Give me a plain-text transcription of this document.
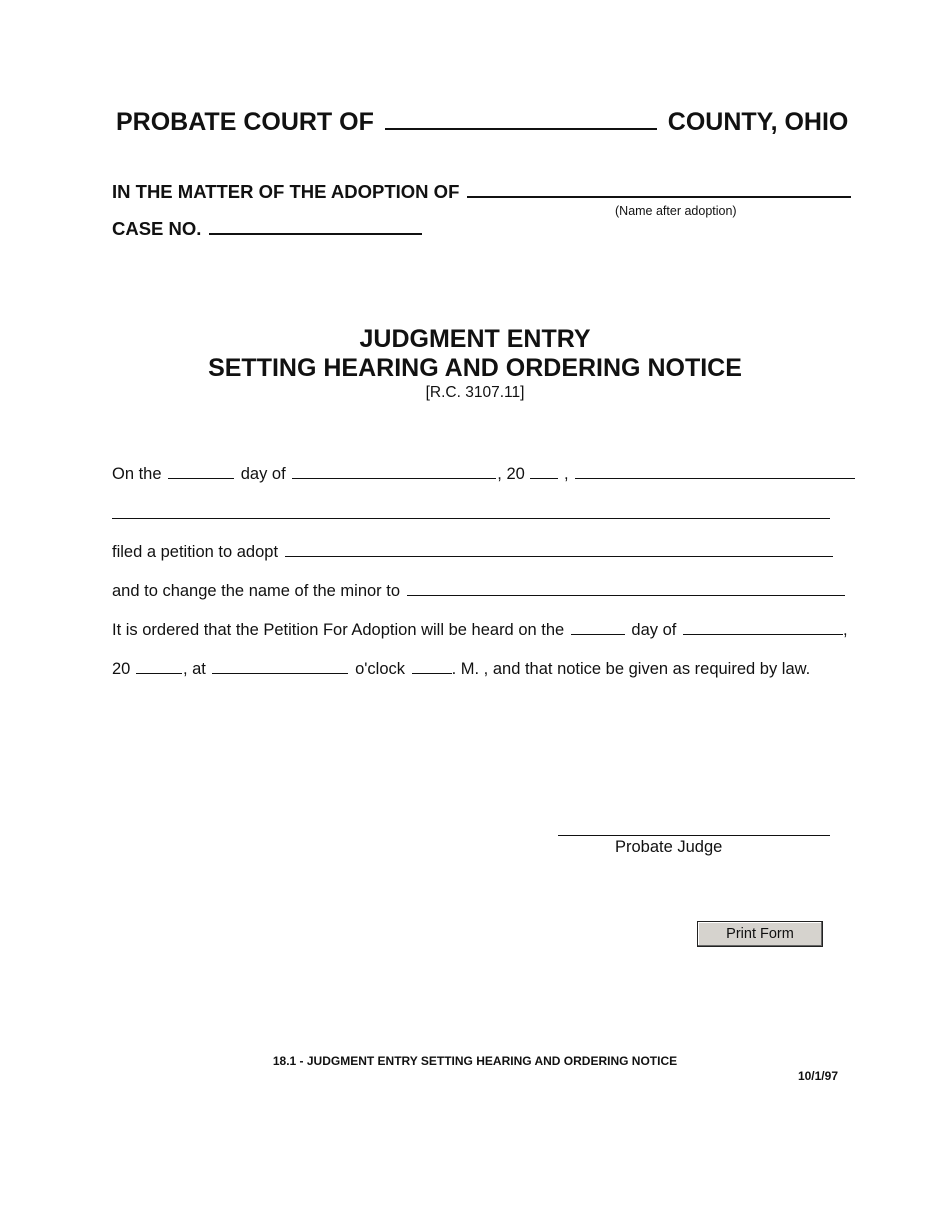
PROBATE COURT OF	COUNTY, OHIO
IN THE MATTER OF THE ADOPTION OF
(Name after adoption)
CASE NO.
JUDGMENT ENTRY
SETTING HEARING AND ORDERING NOTICE
[R.C. 3107.11]
On the	day of	, 20 ,
filed a petition to adopt
and to change the name of the minor to
It is ordered that the Petition For Adoption will be heard on the	day of	,
20	, at	o'clock	. M. , and that notice be given as required by law.
Probate Judge
Print Form
18.1 - JUDGMENT ENTRY SETTING HEARING AND ORDERING NOTICE
10/1/97
